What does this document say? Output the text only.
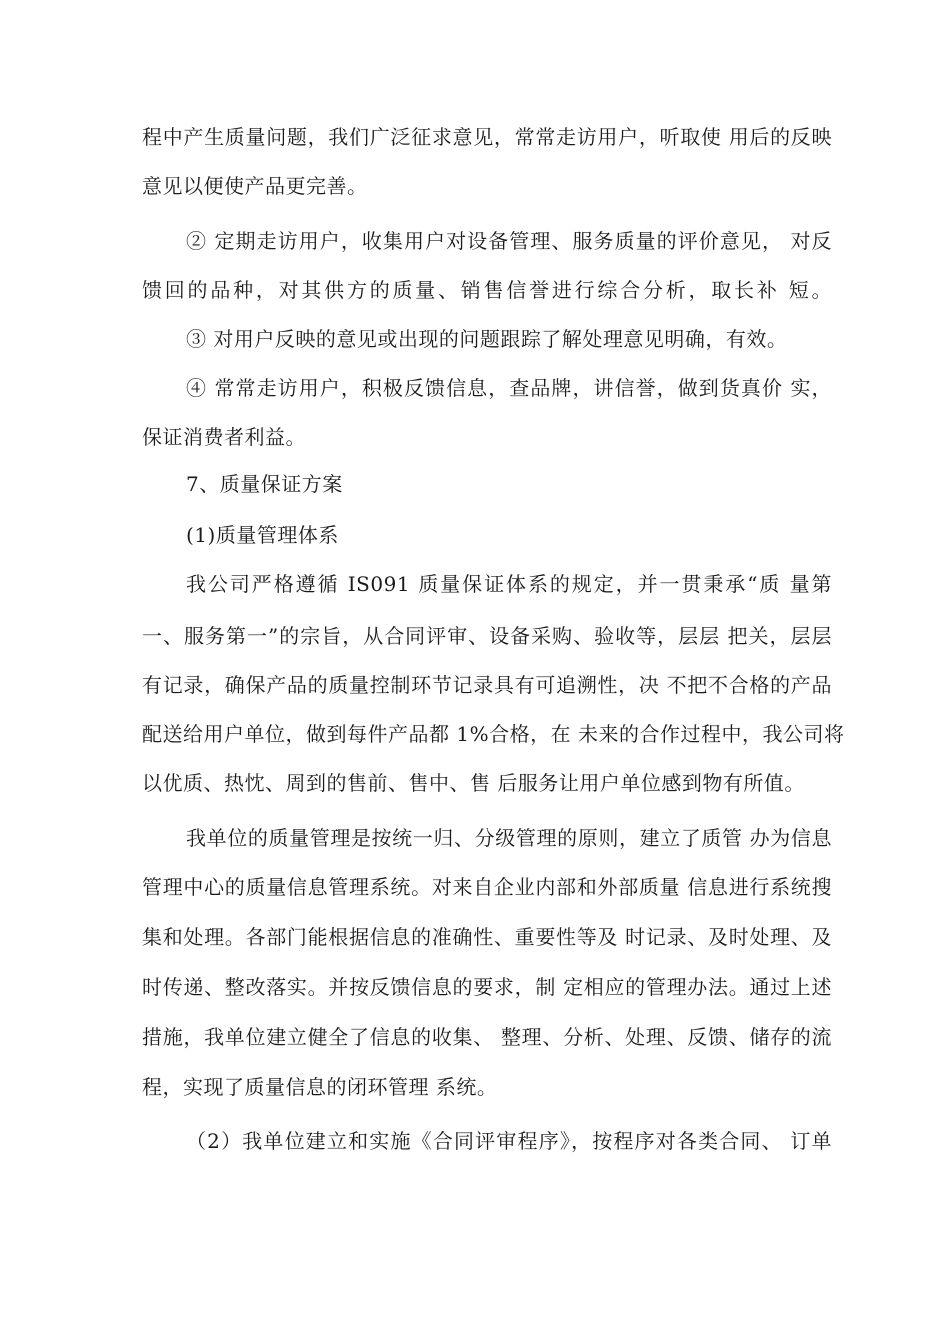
程中产生质量问题，我们广泛征求意见，常常走访用户，听取使 用后的反映
意见以便使产品更完善。
② 定期走访用户，收集用户对设备管理、服务质量的评价意见， 对反
馈回的品种，对其供方的质量、销售信誉进行综合分析，取长补 短。
③ 对用户反映的意见或出现的问题跟踪了解处理意见明确，有效。
④ 常常走访用户，积极反馈信息，查品牌，讲信誉，做到货真价 实，
保证消费者利益。
7、质量保证方案
(1)质量管理体系
我公司严格遵循 IS091 质量保证体系的规定，并一贯秉承“质 量第
一、服务第一”的宗旨，从合同评审、设备采购、验收等，层层 把关，层层
有记录，确保产品的质量控制环节记录具有可追溯性，决 不把不合格的产品
配送给用户单位，做到每件产品都 1%合格，在 未来的合作过程中，我公司将
以优质、热忱、周到的售前、售中、售 后服务让用户单位感到物有所值。
我单位的质量管理是按统一归、分级管理的原则，建立了质管 办为信息
管理中心的质量信息管理系统。对来自企业内部和外部质量 信息进行系统搜
集和处理。各部门能根据信息的准确性、重要性等及 时记录、及时处理、及
时传递、整改落实。并按反馈信息的要求，制 定相应的管理办法。通过上述
措施，我单位建立健全了信息的收集、 整理、分析、处理、反馈、储存的流
程，实现了质量信息的闭环管理 系统。
（2）我单位建立和实施《合同评审程序》，按程序对各类合同、 订单
